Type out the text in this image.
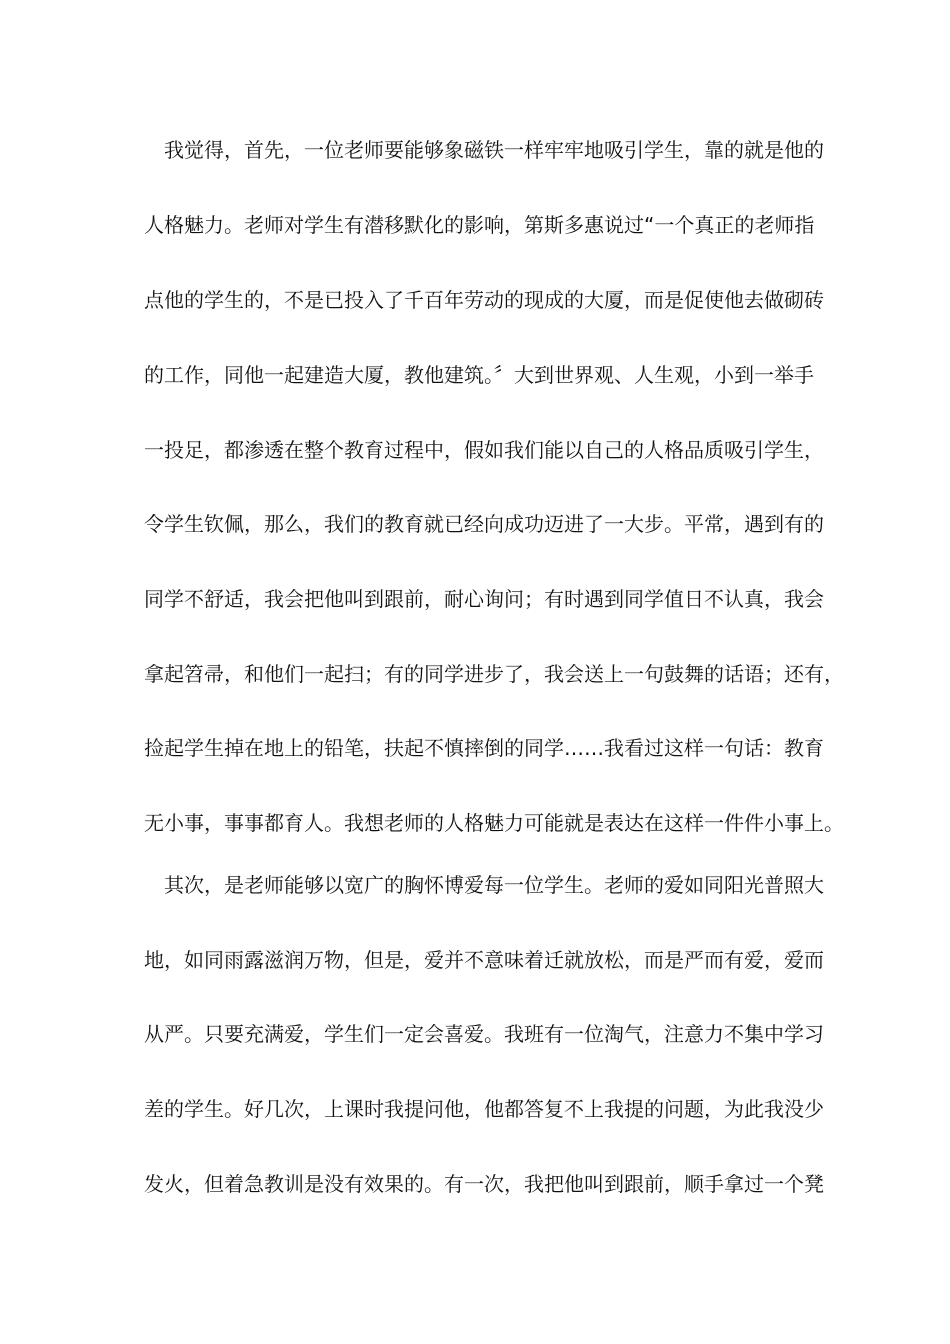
　我觉得，首先，一位老师要能够象磁铁一样牢牢地吸引学生，靠的就是他的
人格魅力。老师对学生有潜移默化的影响，第斯多惠说过“一个真正的老师指
点他的学生的，不是已投入了千百年劳动的现成的大厦，而是促使他去做砌砖
的工作，同他一起建造大厦，教他建筑。〞大到世界观、人生观，小到一举手
一投足，都渗透在整个教育过程中，假如我们能以自己的人格品质吸引学生，
令学生钦佩，那么，我们的教育就已经向成功迈进了一大步。平常，遇到有的
同学不舒适，我会把他叫到跟前，耐心询问；有时遇到同学值日不认真，我会
拿起笤帚，和他们一起扫；有的同学进步了，我会送上一句鼓舞的话语；还有，
捡起学生掉在地上的铅笔，扶起不慎摔倒的同学……我看过这样一句话：教育
无小事，事事都育人。我想老师的人格魅力可能就是表达在这样一件件小事上。
　其次，是老师能够以宽广的胸怀博爱每一位学生。老师的爱如同阳光普照大
地，如同雨露滋润万物，但是，爱并不意味着迁就放松，而是严而有爱，爱而
从严。只要充满爱，学生们一定会喜爱。我班有一位淘气，注意力不集中学习
差的学生。好几次，上课时我提问他，他都答复不上我提的问题，为此我没少
发火，但着急教训是没有效果的。有一次，我把他叫到跟前，顺手拿过一个凳
